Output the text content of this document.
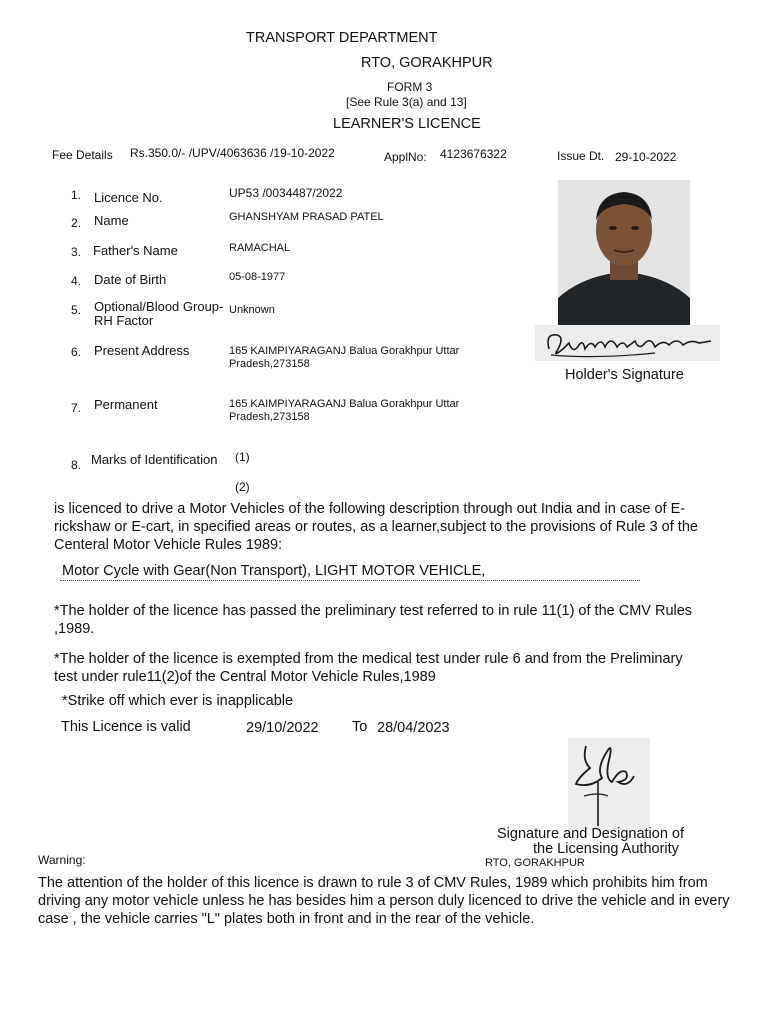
TRANSPORT DEPARTMENT
RTO, GORAKHPUR
FORM 3
[See Rule 3(a) and 13]
LEARNER'S LICENCE
Fee Details Rs.350.0/- /UPV/4063636 /19-10-2022	ApplNo: 4123676322	Issue Dt. 29-10-2022
1. Licence No.	UP53 /0034487/2022
2. Name	GHANSHYAM PRASAD PATEL
3. Father's Name	RAMACHAL
4. Date of Birth	05-08-1977
5. Optional/Blood Group-
RH Factor
Unknown
6. Present Address	165 KAIMPIYARAGANJ Balua Gorakhpur Uttar
Pradesh,273158
7. Permanent	165 KAIMPIYARAGANJ Balua Gorakhpur Uttar
Pradesh,273158
8. Marks of Identification (1)
(2)
Holder's Signature
is licenced to drive a Motor Vehicles of the following description through out India and in case of E-rickshaw or E-cart, in specified areas or routes, as a learner,subject to the provisions of Rule 3 of the Centeral Motor Vehicle Rules 1989:
Motor Cycle with Gear(Non Transport), LIGHT MOTOR VEHICLE,
*The holder of the licence has passed the preliminary test referred to in rule 11(1) of the CMV Rules ,1989.
*The holder of the licence is exempted from the medical test under rule 6 and from the Preliminary test under rule11(2)of the Central Motor Vehicle Rules,1989
*Strike off which ever is inapplicable
This Licence is valid	29/10/2022 To 28/04/2023
Signature and Designation of
the Licensing Authority
RTO, GORAKHPUR
Warning:
The attention of the holder of this licence is drawn to rule 3 of CMV Rules, 1989 which prohibits him from driving any motor vehicle unless he has besides him a person duly licenced to drive the vehicle and in every case , the vehicle carries "L" plates both in front and in the rear of the vehicle.
